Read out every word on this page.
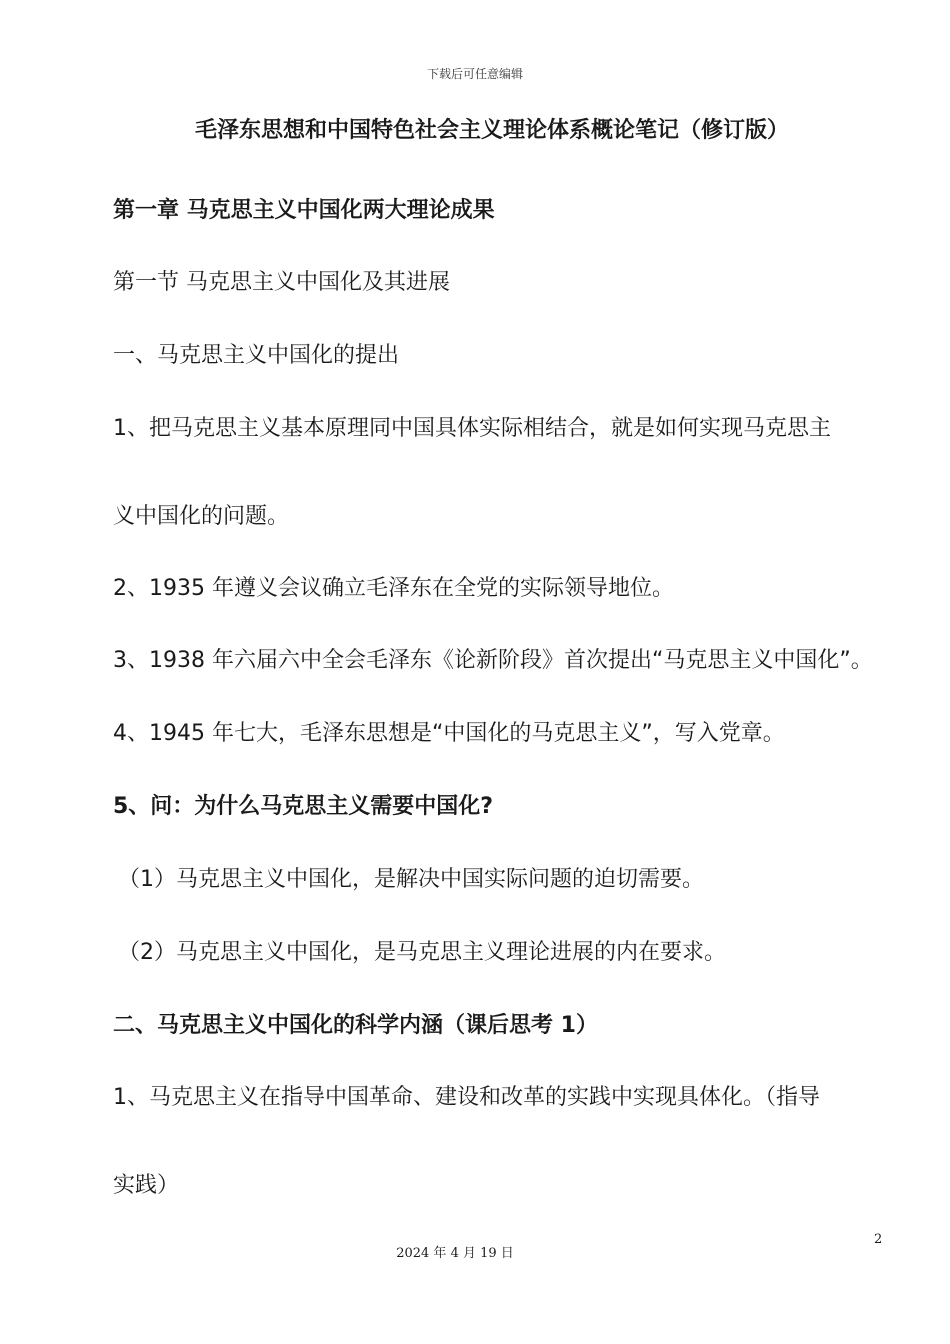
下载后可任意编辑
毛泽东思想和中国特色社会主义理论体系概论笔记（修订版）
第一章 马克思主义中国化两大理论成果
第一节 马克思主义中国化及其进展
一、马克思主义中国化的提出
1、把马克思主义基本原理同中国具体实际相结合，就是如何实现马克思主
义中国化的问题。
2、1935 年遵义会议确立毛泽东在全党的实际领导地位。
3、1938 年六届六中全会毛泽东《论新阶段》首次提出“马克思主义中国化”。
4、1945 年七大，毛泽东思想是“中国化的马克思主义”，写入党章。
5、问：为什么马克思主义需要中国化?
（1）马克思主义中国化，是解决中国实际问题的迫切需要。
（2）马克思主义中国化，是马克思主义理论进展的内在要求。
二、马克思主义中国化的科学内涵（课后思考 1）
1、马克思主义在指导中国革命、建设和改革的实践中实现具体化。（指导
实践）
2
2024 年 4 月 19 日
